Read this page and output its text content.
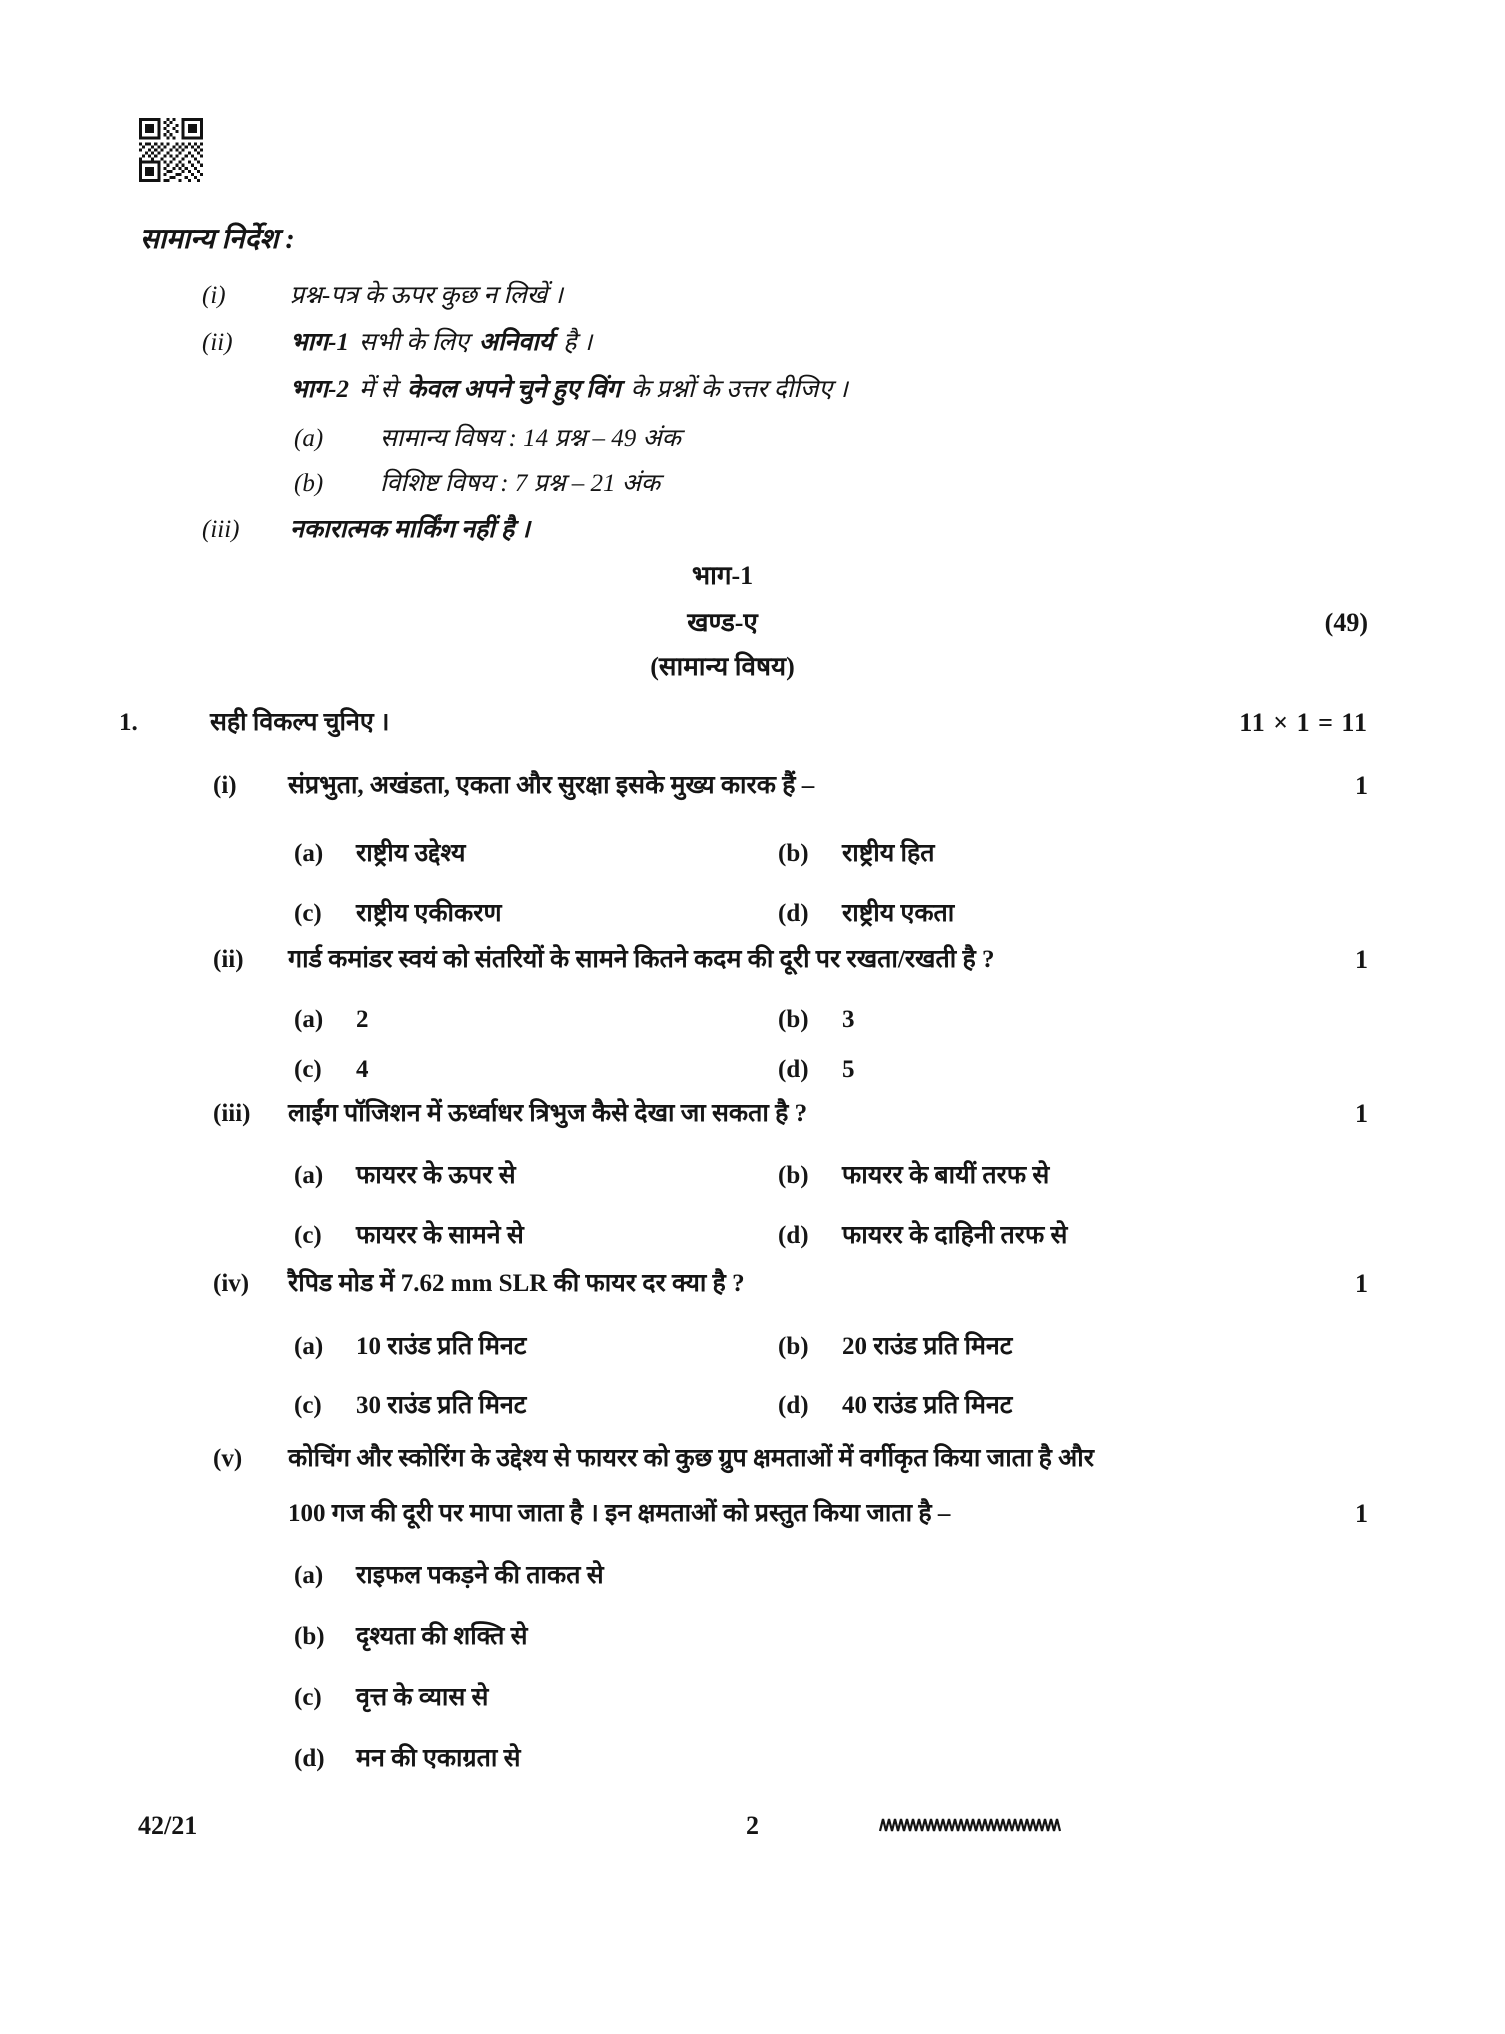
सामान्य निर्देश :
(i)	प्रश्न-पत्र के ऊपर कुछ न लिखें ।
(ii) भाग-1 सभी के लिए अनिवार्य है ।
भाग-2 में से केवल अपने चुने हुए विंग के प्रश्नों के उत्तर दीजिए ।
(a) सामान्य विषय : 14 प्रश्न – 49 अंक
(b) विशिष्ट विषय : 7 प्रश्न – 21 अंक
(iii) नकारात्मक मार्किंग नहीं है ।
भाग-1
खण्ड-ए	(49)
(सामान्य विषय)
1.	सही विकल्प चुनिए ।	11 × 1 = 11
(i) संप्रभुता, अखंडता, एकता और सुरक्षा इसके मुख्य कारक हैं –	1
(a) राष्ट्रीय उद्देश्य	(b) राष्ट्रीय हित
(c) राष्ट्रीय एकीकरण	(d) राष्ट्रीय एकता
(ii) गार्ड कमांडर स्वयं को संतरियों के सामने कितने कदम की दूरी पर रखता/रखती है ?	1
(a) 2	(b) 3
(c) 4	(d) 5
(iii) लाईंग पॉजिशन में ऊर्ध्वाधर त्रिभुज कैसे देखा जा सकता है ?	1
(a) फायरर के ऊपर से	(b) फायरर के बायीं तरफ से
(c) फायरर के सामने से	(d) फायरर के दाहिनी तरफ से
(iv) रैपिड मोड में 7.62 mm SLR की फायर दर क्या है ?	1
(a) 10 राउंड प्रति मिनट	(b) 20 राउंड प्रति मिनट
(c) 30 राउंड प्रति मिनट	(d) 40 राउंड प्रति मिनट
(v) कोचिंग और स्कोरिंग के उद्देश्य से फायरर को कुछ ग्रुप क्षमताओं में वर्गीकृत किया जाता है और
100 गज की दूरी पर मापा जाता है । इन क्षमताओं को प्रस्तुत किया जाता है –	1
(a) राइफल पकड़ने की ताकत से
(b) दृश्यता की शक्ति से
(c) वृत्त के व्यास से
(d) मन की एकाग्रता से
42/21	2
